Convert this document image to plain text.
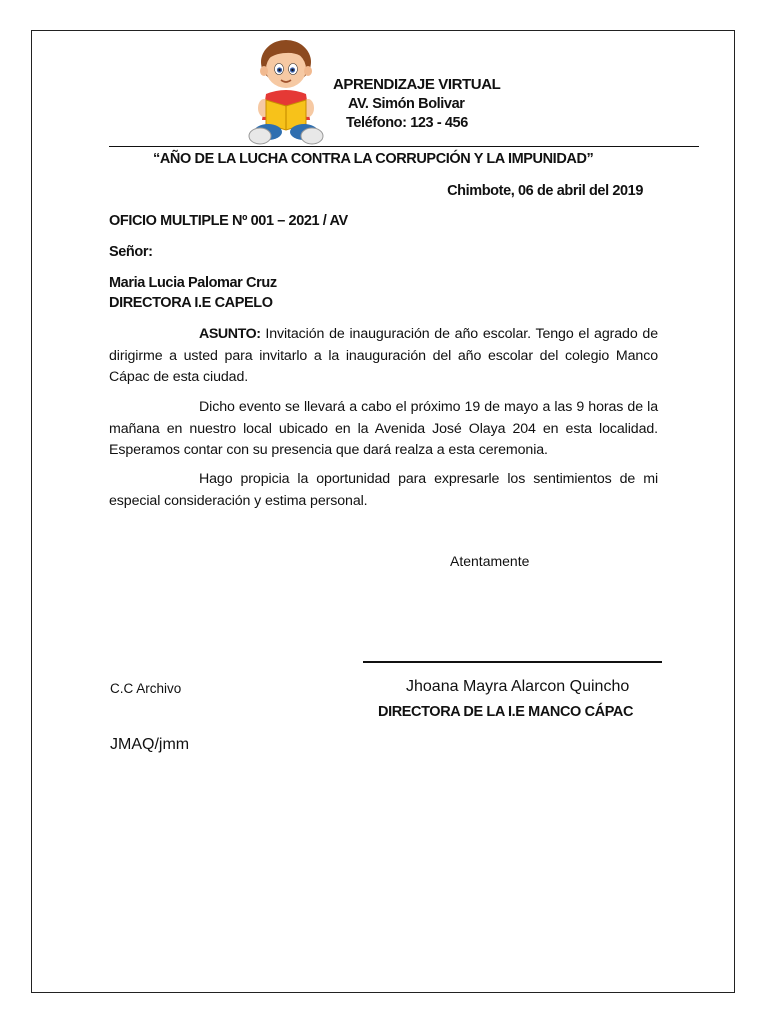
APRENDIZAJE VIRTUAL
AV. Simón Bolivar
Teléfono: 123 - 456
“AÑO DE LA LUCHA CONTRA LA CORRUPCIÓN Y LA IMPUNIDAD”
Chimbote, 06 de abril del 2019
OFICIO MULTIPLE Nº 001 – 2021 / AV
Señor:
Maria Lucia Palomar Cruz
DIRECTORA I.E CAPELO
ASUNTO: Invitación de inauguración de año escolar. Tengo el agrado de dirigirme a usted para invitarlo a la inauguración del año escolar del colegio Manco Cápac de esta ciudad.
Dicho evento se llevará a cabo el próximo 19 de mayo a las 9 horas de la mañana en nuestro local ubicado en la Avenida José Olaya 204 en esta localidad. Esperamos contar con su presencia que dará realza a esta ceremonia.
Hago propicia la oportunidad para expresarle los sentimientos de mi especial consideración y estima personal.
Atentamente
C.C Archivo	Jhoana Mayra Alarcon Quincho
DIRECTORA DE LA I.E MANCO CÁPAC
JMAQ/jmm
